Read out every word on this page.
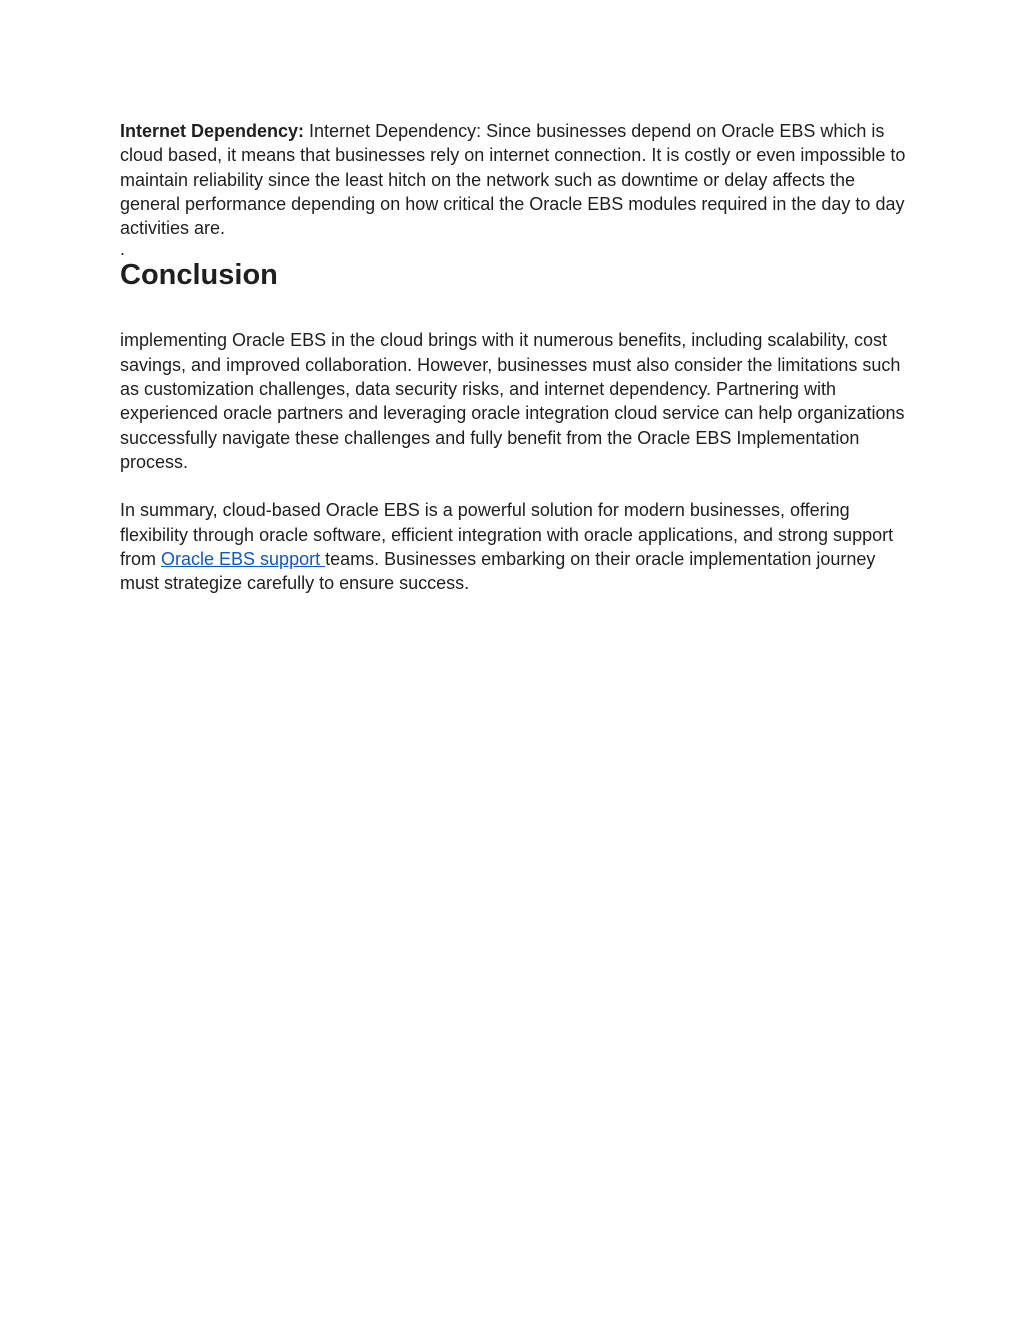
Internet Dependency: Internet Dependency: Since businesses depend on Oracle EBS which is cloud based, it means that businesses rely on internet connection. It is costly or even impossible to maintain reliability since the least hitch on the network such as downtime or delay affects the general performance depending on how critical the Oracle EBS modules required in the day to day activities are.

.

Conclusion

implementing Oracle EBS in the cloud brings with it numerous benefits, including scalability, cost savings, and improved collaboration. However, businesses must also consider the limitations such as customization challenges, data security risks, and internet dependency. Partnering with experienced oracle partners and leveraging oracle integration cloud service can help organizations successfully navigate these challenges and fully benefit from the Oracle EBS Implementation process.

In summary, cloud-based Oracle EBS is a powerful solution for modern businesses, offering flexibility through oracle software, efficient integration with oracle applications, and strong support from Oracle EBS support teams. Businesses embarking on their oracle implementation journey must strategize carefully to ensure success.
